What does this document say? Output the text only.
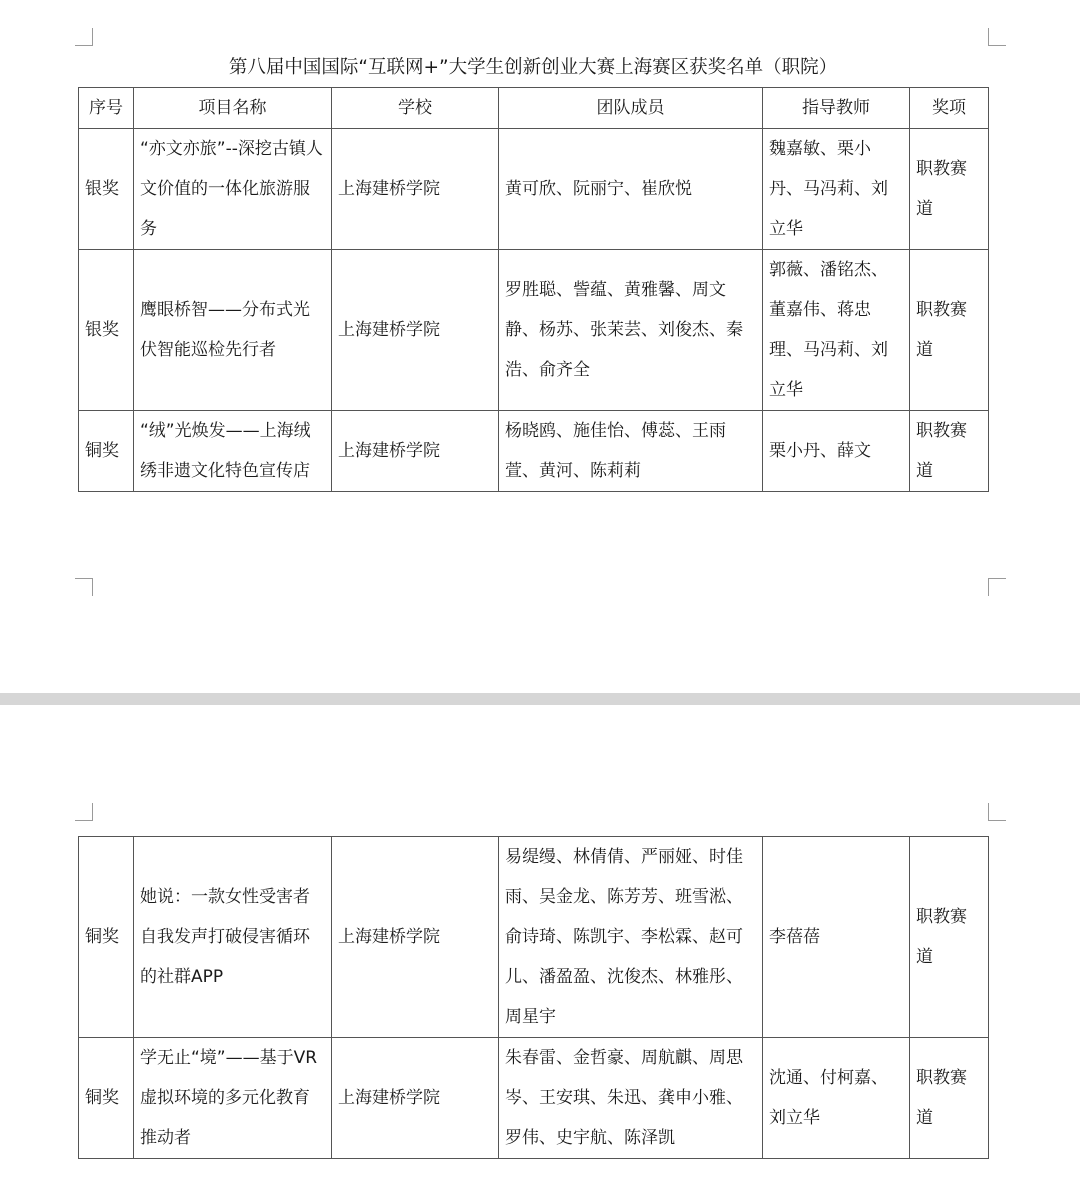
第八届中国国际“互联网+”大学生创新创业大赛上海赛区获奖名单（职院）
序号	项目名称	学校	团队成员	指导教师	奖项
银奖	“亦文亦旅”--深挖古镇人文价值的一体化旅游服务	上海建桥学院	黄可欣、阮丽宁、崔欣悦	魏嘉敏、栗小丹、马冯莉、刘立华	职教赛道
银奖	鹰眼桥智——分布式光伏智能巡检先行者	上海建桥学院	罗胜聪、訾蕴、黄雅馨、周文静、杨苏、张茉芸、刘俊杰、秦浩、俞齐全	郭薇、潘铭杰、董嘉伟、蒋忠理、马冯莉、刘立华	职教赛道
铜奖	“绒”光焕发——上海绒绣非遗文化特色宣传店	上海建桥学院	杨晓鸥、施佳怡、傅蕊、王雨萱、黄河、陈莉莉	栗小丹、薛文	职教赛道
铜奖	她说：一款女性受害者自我发声打破侵害循环的社群APP	上海建桥学院	易缇缦、林倩倩、严丽娅、时佳雨、吴金龙、陈芳芳、班雪淞、俞诗琦、陈凯宇、李松霖、赵可儿、潘盈盈、沈俊杰、林雅彤、周星宇	李蓓蓓	职教赛道
铜奖	学无止“境”——基于VR虚拟环境的多元化教育推动者	上海建桥学院	朱春雷、金哲豪、周航麒、周思岑、王安琪、朱迅、龚申小雅、罗伟、史宇航、陈泽凯	沈通、付柯嘉、刘立华	职教赛道
